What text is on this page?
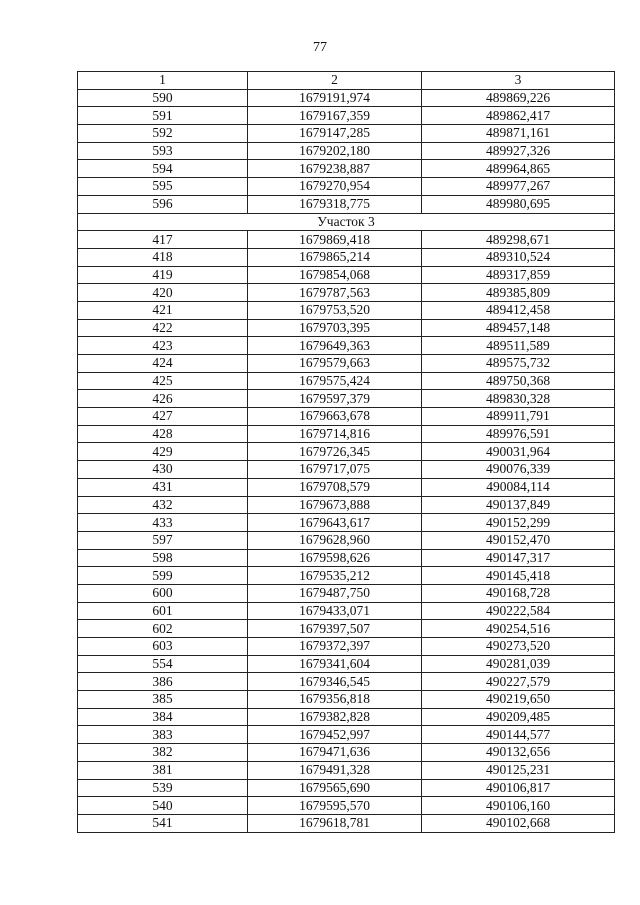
77
1	2	3
590	1679191,974	489869,226
591	1679167,359	489862,417
592	1679147,285	489871,161
593	1679202,180	489927,326
594	1679238,887	489964,865
595	1679270,954	489977,267
596	1679318,775	489980,695
Участок 3		
417	1679869,418	489298,671
418	1679865,214	489310,524
419	1679854,068	489317,859
420	1679787,563	489385,809
421	1679753,520	489412,458
422	1679703,395	489457,148
423	1679649,363	489511,589
424	1679579,663	489575,732
425	1679575,424	489750,368
426	1679597,379	489830,328
427	1679663,678	489911,791
428	1679714,816	489976,591
429	1679726,345	490031,964
430	1679717,075	490076,339
431	1679708,579	490084,114
432	1679673,888	490137,849
433	1679643,617	490152,299
597	1679628,960	490152,470
598	1679598,626	490147,317
599	1679535,212	490145,418
600	1679487,750	490168,728
601	1679433,071	490222,584
602	1679397,507	490254,516
603	1679372,397	490273,520
554	1679341,604	490281,039
386	1679346,545	490227,579
385	1679356,818	490219,650
384	1679382,828	490209,485
383	1679452,997	490144,577
382	1679471,636	490132,656
381	1679491,328	490125,231
539	1679565,690	490106,817
540	1679595,570	490106,160
541	1679618,781	490102,668
